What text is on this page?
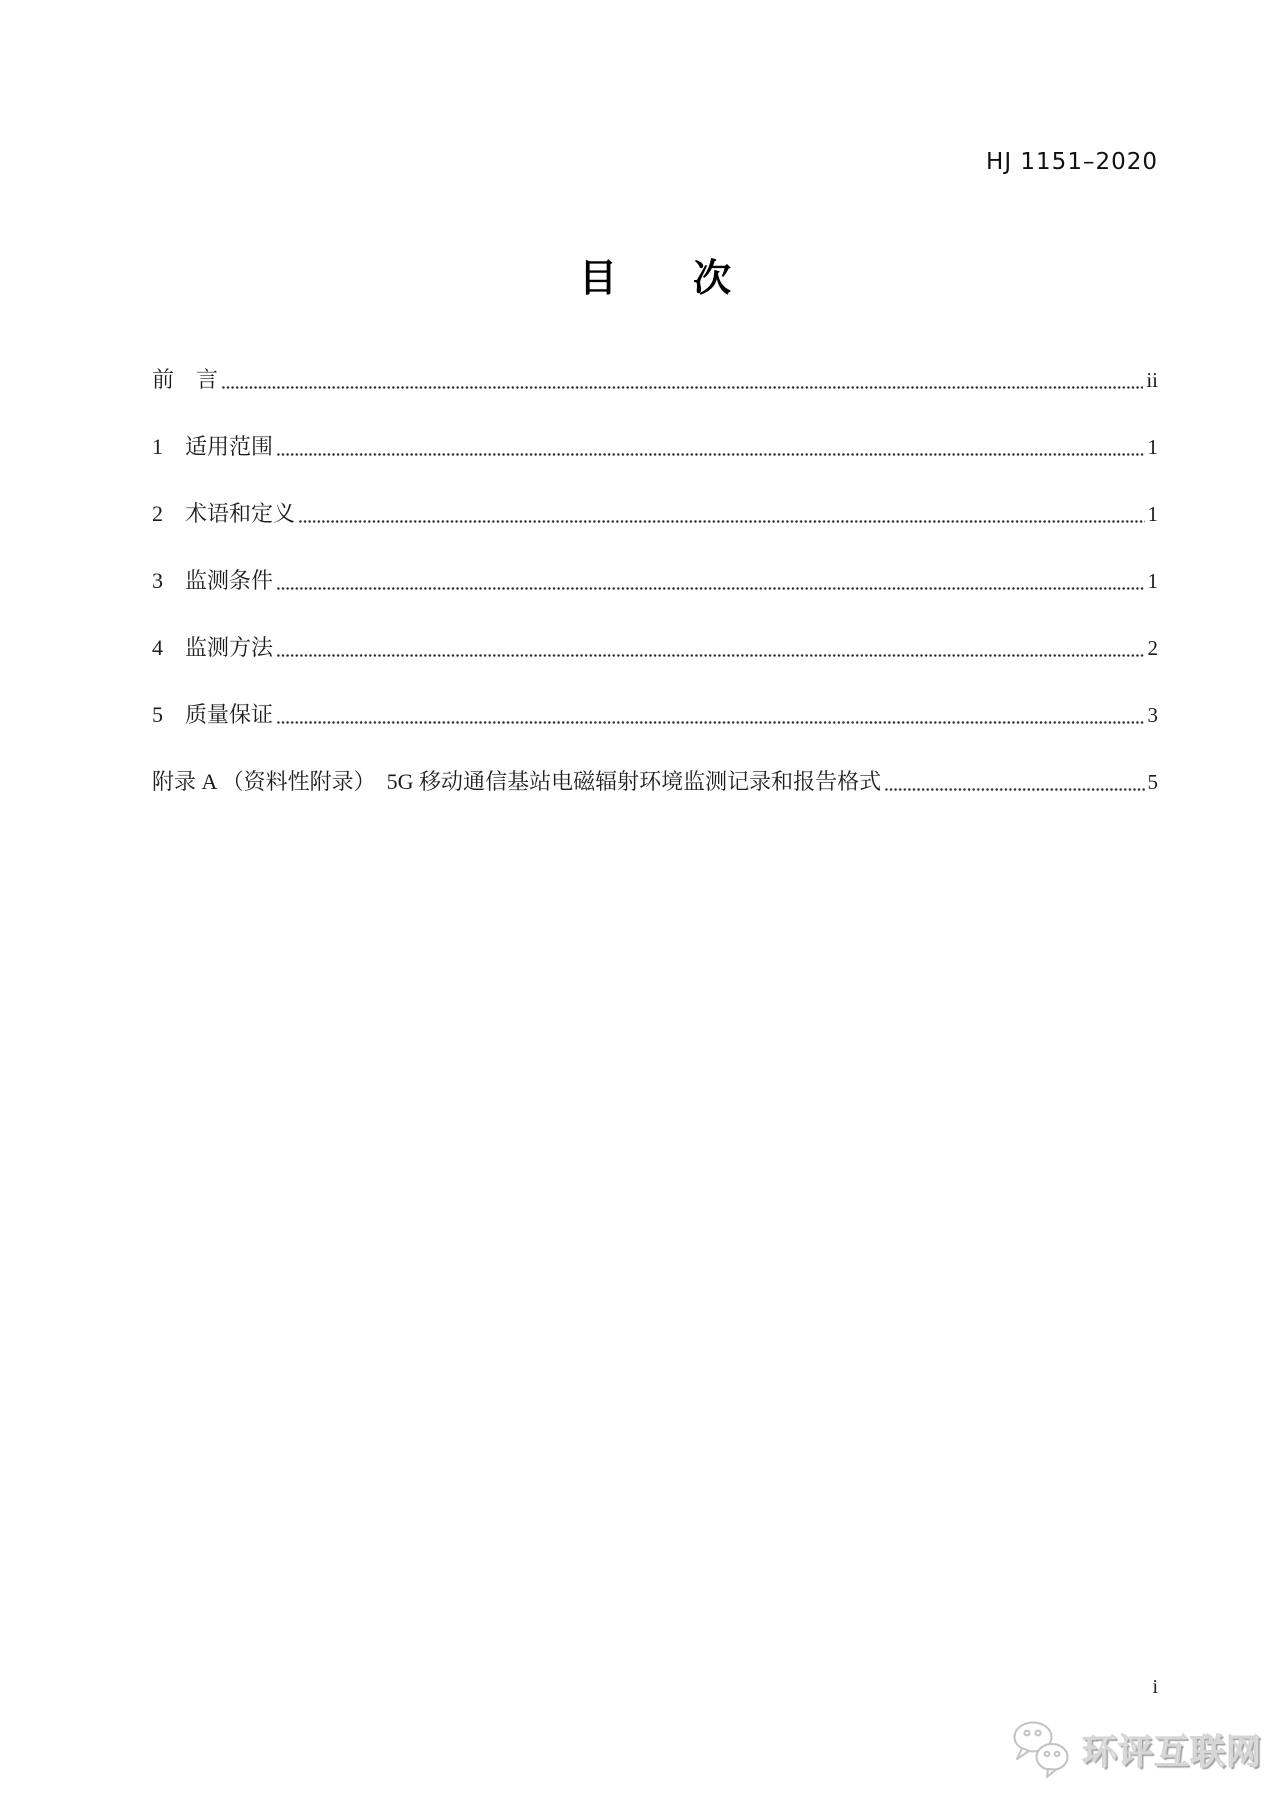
HJ 1151–2020
目　　次
前　言	ii
1　适用范围	1
2　术语和定义	1
3　监测条件	1
4　监测方法	2
5　质量保证	3
附录 A （资料性附录）　5G 移动通信基站电磁辐射环境监测记录和报告格式	5
i
环评互联网
